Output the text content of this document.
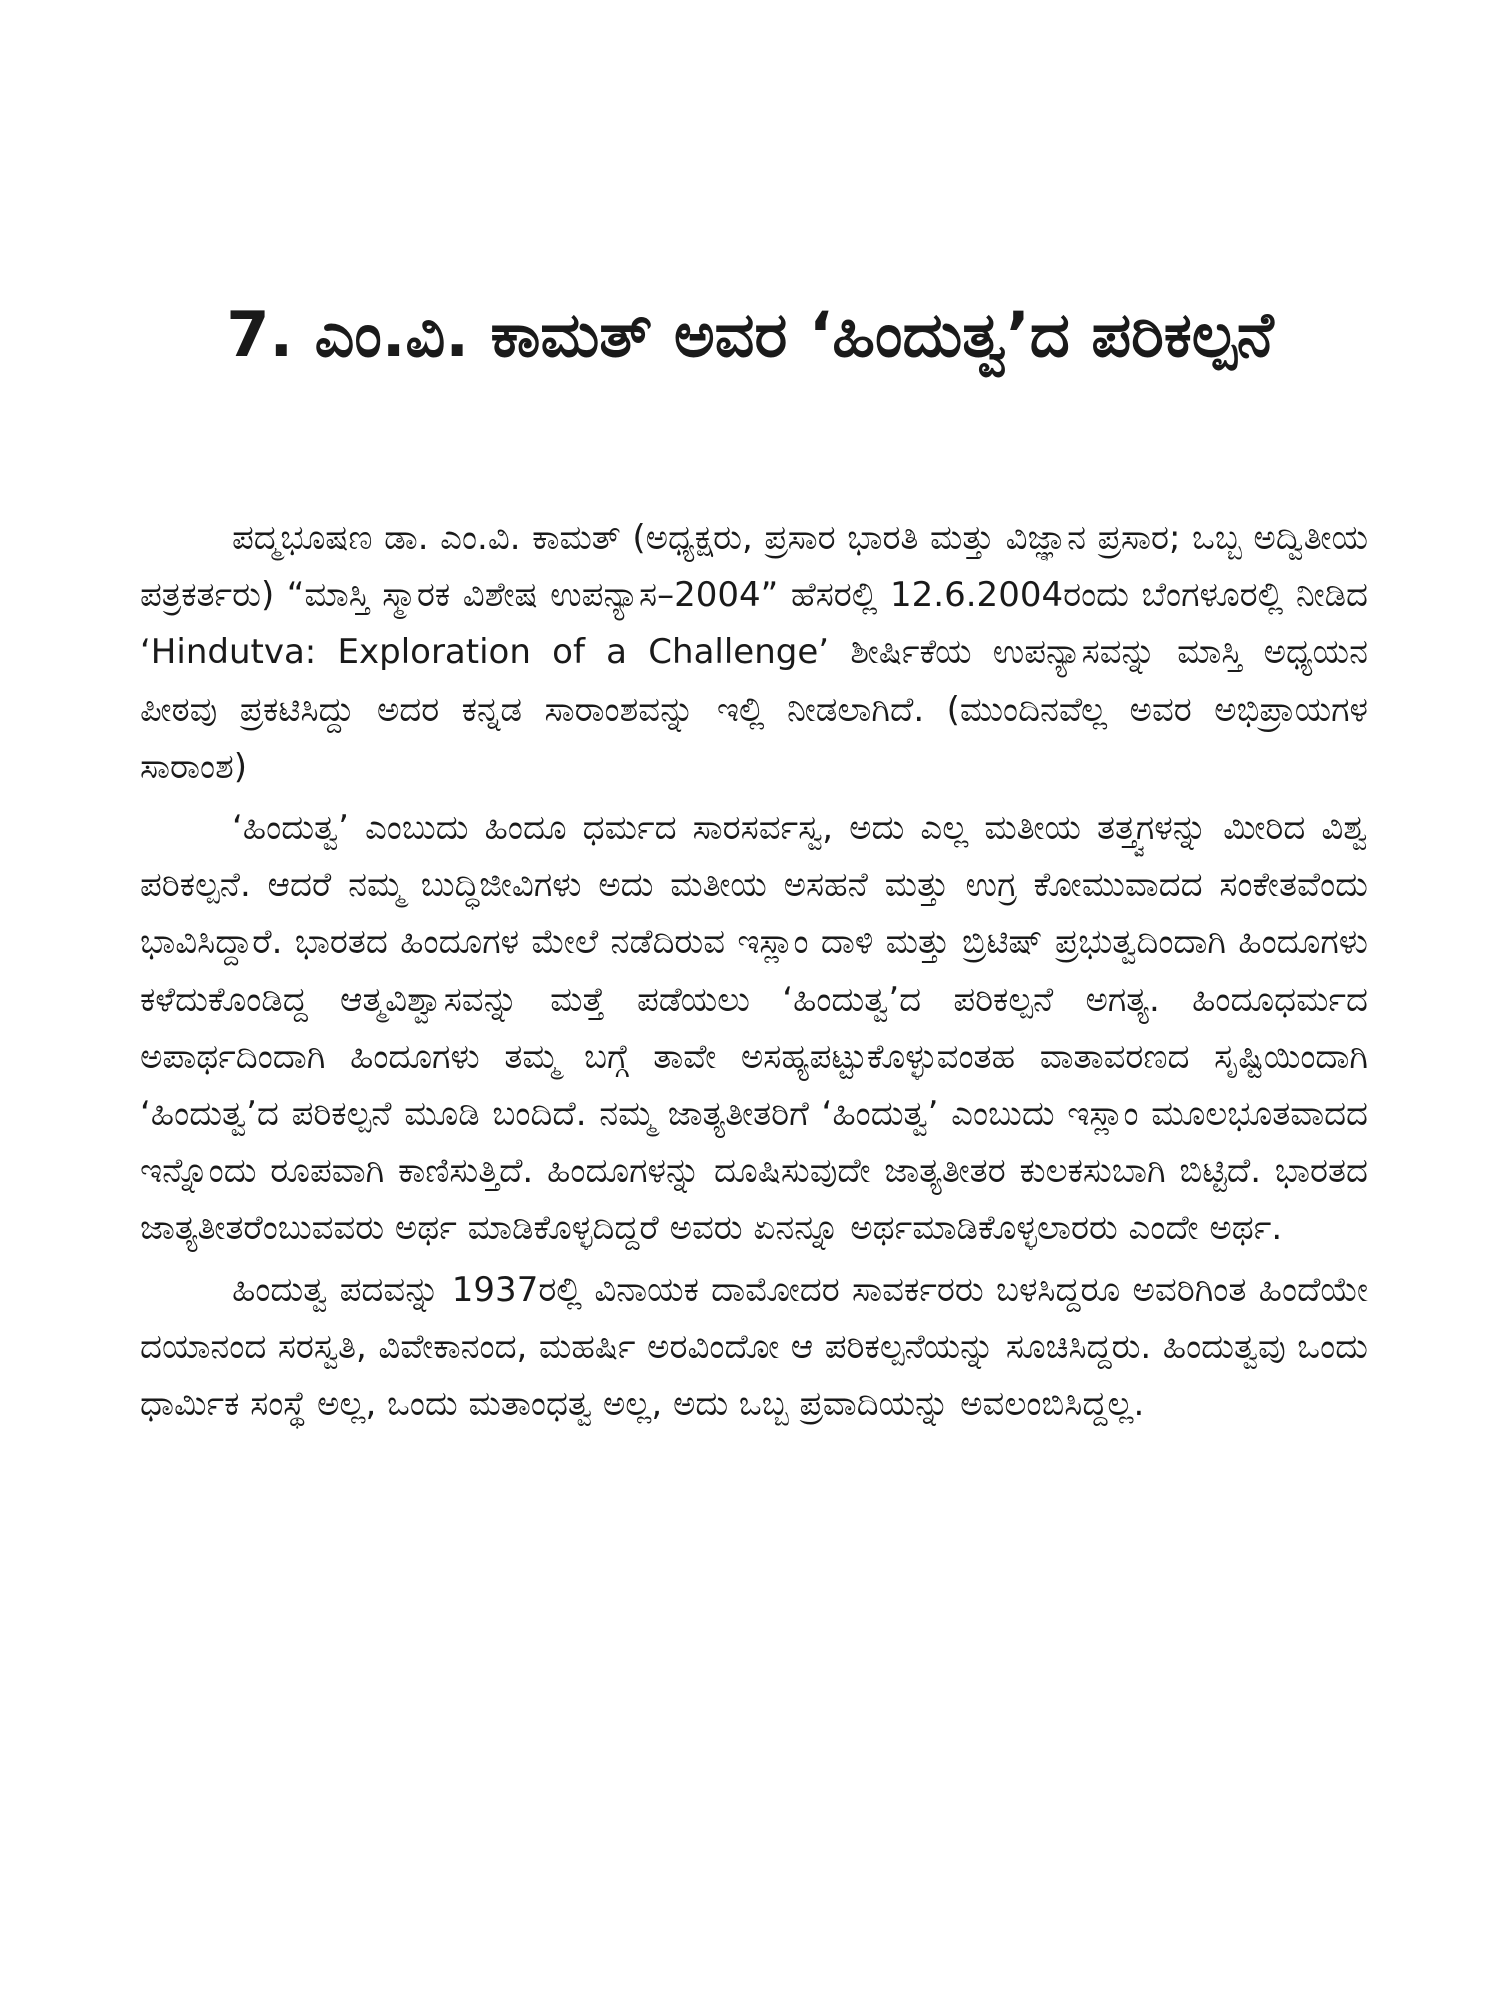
7. ಎಂ.ವಿ. ಕಾಮತ್ ಅವರ ‘ಹಿಂದುತ್ವ’ದ ಪರಿಕಲ್ಪನೆ

ಪದ್ಮಭೂಷಣ ಡಾ. ಎಂ.ವಿ. ಕಾಮತ್ (ಅಧ್ಯಕ್ಷರು, ಪ್ರಸಾರ ಭಾರತಿ ಮತ್ತು ವಿಜ್ಞಾನ ಪ್ರಸಾರ; ಒಬ್ಬ ಅದ್ವಿತೀಯ ಪತ್ರಕರ್ತರು) “ಮಾಸ್ತಿ ಸ್ಮಾರಕ ವಿಶೇಷ ಉಪನ್ಯಾಸ–2004” ಹೆಸರಲ್ಲಿ 12.6.2004ರಂದು ಬೆಂಗಳೂರಲ್ಲಿ ನೀಡಿದ ‘Hindutva: Exploration of a Challenge’ ಶೀರ್ಷಿಕೆಯ ಉಪನ್ಯಾಸವನ್ನು ಮಾಸ್ತಿ ಅಧ್ಯಯನ ಪೀಠವು ಪ್ರಕಟಿಸಿದ್ದು ಅದರ ಕನ್ನಡ ಸಾರಾಂಶವನ್ನು ಇಲ್ಲಿ ನೀಡಲಾಗಿದೆ. (ಮುಂದಿನವೆಲ್ಲ ಅವರ ಅಭಿಪ್ರಾಯಗಳ ಸಾರಾಂಶ)

‘ಹಿಂದುತ್ವ’ ಎಂಬುದು ಹಿಂದೂ ಧರ್ಮದ ಸಾರಸರ್ವಸ್ವ, ಅದು ಎಲ್ಲ ಮತೀಯ ತತ್ತ್ವಗಳನ್ನು ಮೀರಿದ ವಿಶ್ವ ಪರಿಕಲ್ಪನೆ. ಆದರೆ ನಮ್ಮ ಬುದ್ಧಿಜೀವಿಗಳು ಅದು ಮತೀಯ ಅಸಹನೆ ಮತ್ತು ಉಗ್ರ ಕೋಮುವಾದದ ಸಂಕೇತವೆಂದು ಭಾವಿಸಿದ್ದಾರೆ. ಭಾರತದ ಹಿಂದೂಗಳ ಮೇಲೆ ನಡೆದಿರುವ ಇಸ್ಲಾಂ ದಾಳಿ ಮತ್ತು ಬ್ರಿಟಿಷ್ ಪ್ರಭುತ್ವದಿಂದಾಗಿ ಹಿಂದೂಗಳು ಕಳೆದುಕೊಂಡಿದ್ದ ಆತ್ಮವಿಶ್ವಾಸವನ್ನು ಮತ್ತೆ ಪಡೆಯಲು ‘ಹಿಂದುತ್ವ’ದ ಪರಿಕಲ್ಪನೆ ಅಗತ್ಯ. ಹಿಂದೂಧರ್ಮದ ಅಪಾರ್ಥದಿಂದಾಗಿ ಹಿಂದೂಗಳು ತಮ್ಮ ಬಗ್ಗೆ ತಾವೇ ಅಸಹ್ಯಪಟ್ಟುಕೊಳ್ಳುವಂತಹ ವಾತಾವರಣದ ಸೃಷ್ಟಿಯಿಂದಾಗಿ ‘ಹಿಂದುತ್ವ’ದ ಪರಿಕಲ್ಪನೆ ಮೂಡಿ ಬಂದಿದೆ. ನಮ್ಮ ಜಾತ್ಯತೀತರಿಗೆ ‘ಹಿಂದುತ್ವ’ ಎಂಬುದು ಇಸ್ಲಾಂ ಮೂಲಭೂತವಾದದ ಇನ್ನೊಂದು ರೂಪವಾಗಿ ಕಾಣಿಸುತ್ತಿದೆ. ಹಿಂದೂಗಳನ್ನು ದೂಷಿಸುವುದೇ ಜಾತ್ಯತೀತರ ಕುಲಕಸುಬಾಗಿ ಬಿಟ್ಟಿದೆ. ಭಾರತದ ಜಾತ್ಯತೀತರೆಂಬುವವರು ಅರ್ಥ ಮಾಡಿಕೊಳ್ಳದಿದ್ದರೆ ಅವರು ಏನನ್ನೂ ಅರ್ಥಮಾಡಿಕೊಳ್ಳಲಾರರು ಎಂದೇ ಅರ್ಥ.

ಹಿಂದುತ್ವ ಪದವನ್ನು 1937ರಲ್ಲಿ ವಿನಾಯಕ ದಾಮೋದರ ಸಾವರ್ಕರರು ಬಳಸಿದ್ದರೂ ಅವರಿಗಿಂತ ಹಿಂದೆಯೇ ದಯಾನಂದ ಸರಸ್ವತಿ, ವಿವೇಕಾನಂದ, ಮಹರ್ಷಿ ಅರವಿಂದೋ ಆ ಪರಿಕಲ್ಪನೆಯನ್ನು ಸೂಚಿಸಿದ್ದರು. ಹಿಂದುತ್ವವು ಒಂದು ಧಾರ್ಮಿಕ ಸಂಸ್ಥೆ ಅಲ್ಲ, ಒಂದು ಮತಾಂಧತ್ವ ಅಲ್ಲ, ಅದು ಒಬ್ಬ ಪ್ರವಾದಿಯನ್ನು ಅವಲಂಬಿಸಿದ್ದಲ್ಲ.
